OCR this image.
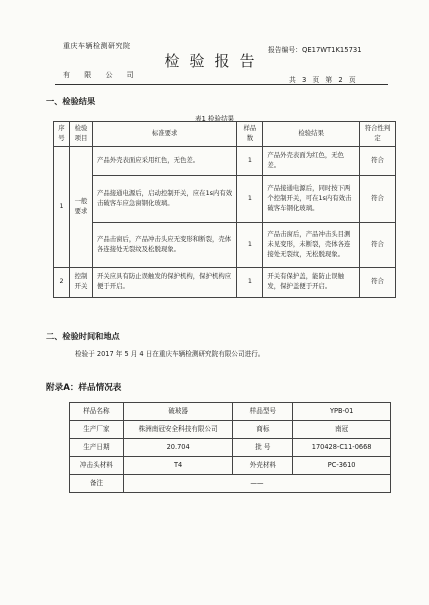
重庆车辆检测研究院
有 限 公 司
检验报告
报告编号：QE17WT1K15731
共 3 页 第 2 页
一、检验结果
表1 检验结果
序号	检验项目	标准要求	样品数	检验结果	符合性判定
1	一般要求	产品外壳表面应采用红色，无色差。	1	产品外壳表面为红色，无色差。	符合
		产品接通电源后，启动控制开关，应在1s内有效击破客车应急窗钢化玻璃。	1	产品接通电源后，同时按下两个控制开关，可在1s内有效击破客车钢化玻璃。	符合
		产品击窗后，产品冲击头应无变形和断裂，壳体各连接处无裂纹及松脱现象。	1	产品击窗后，产品冲击头目测未见变形，未断裂，壳体各连接处无裂纹，无松脱现象。	符合
2	控制开关	开关应具有防止误触发的保护机构，保护机构应便于开启。	1	开关有保护盖，能防止误触发，保护盖便于开启。	符合
二、检验时间和地点
检验于 2017 年 5 月 4 日在重庆车辆检测研究院有限公司进行。
附录A：样品情况表
样品名称	破玻器	样品型号	YPB-01
生产厂家	株洲南冠安全科技有限公司	商标	南冠
生产日期	20.704	批 号	170428-C11-0668
冲击头材料	T4	外壳材料	PC-3610
备注	——		
